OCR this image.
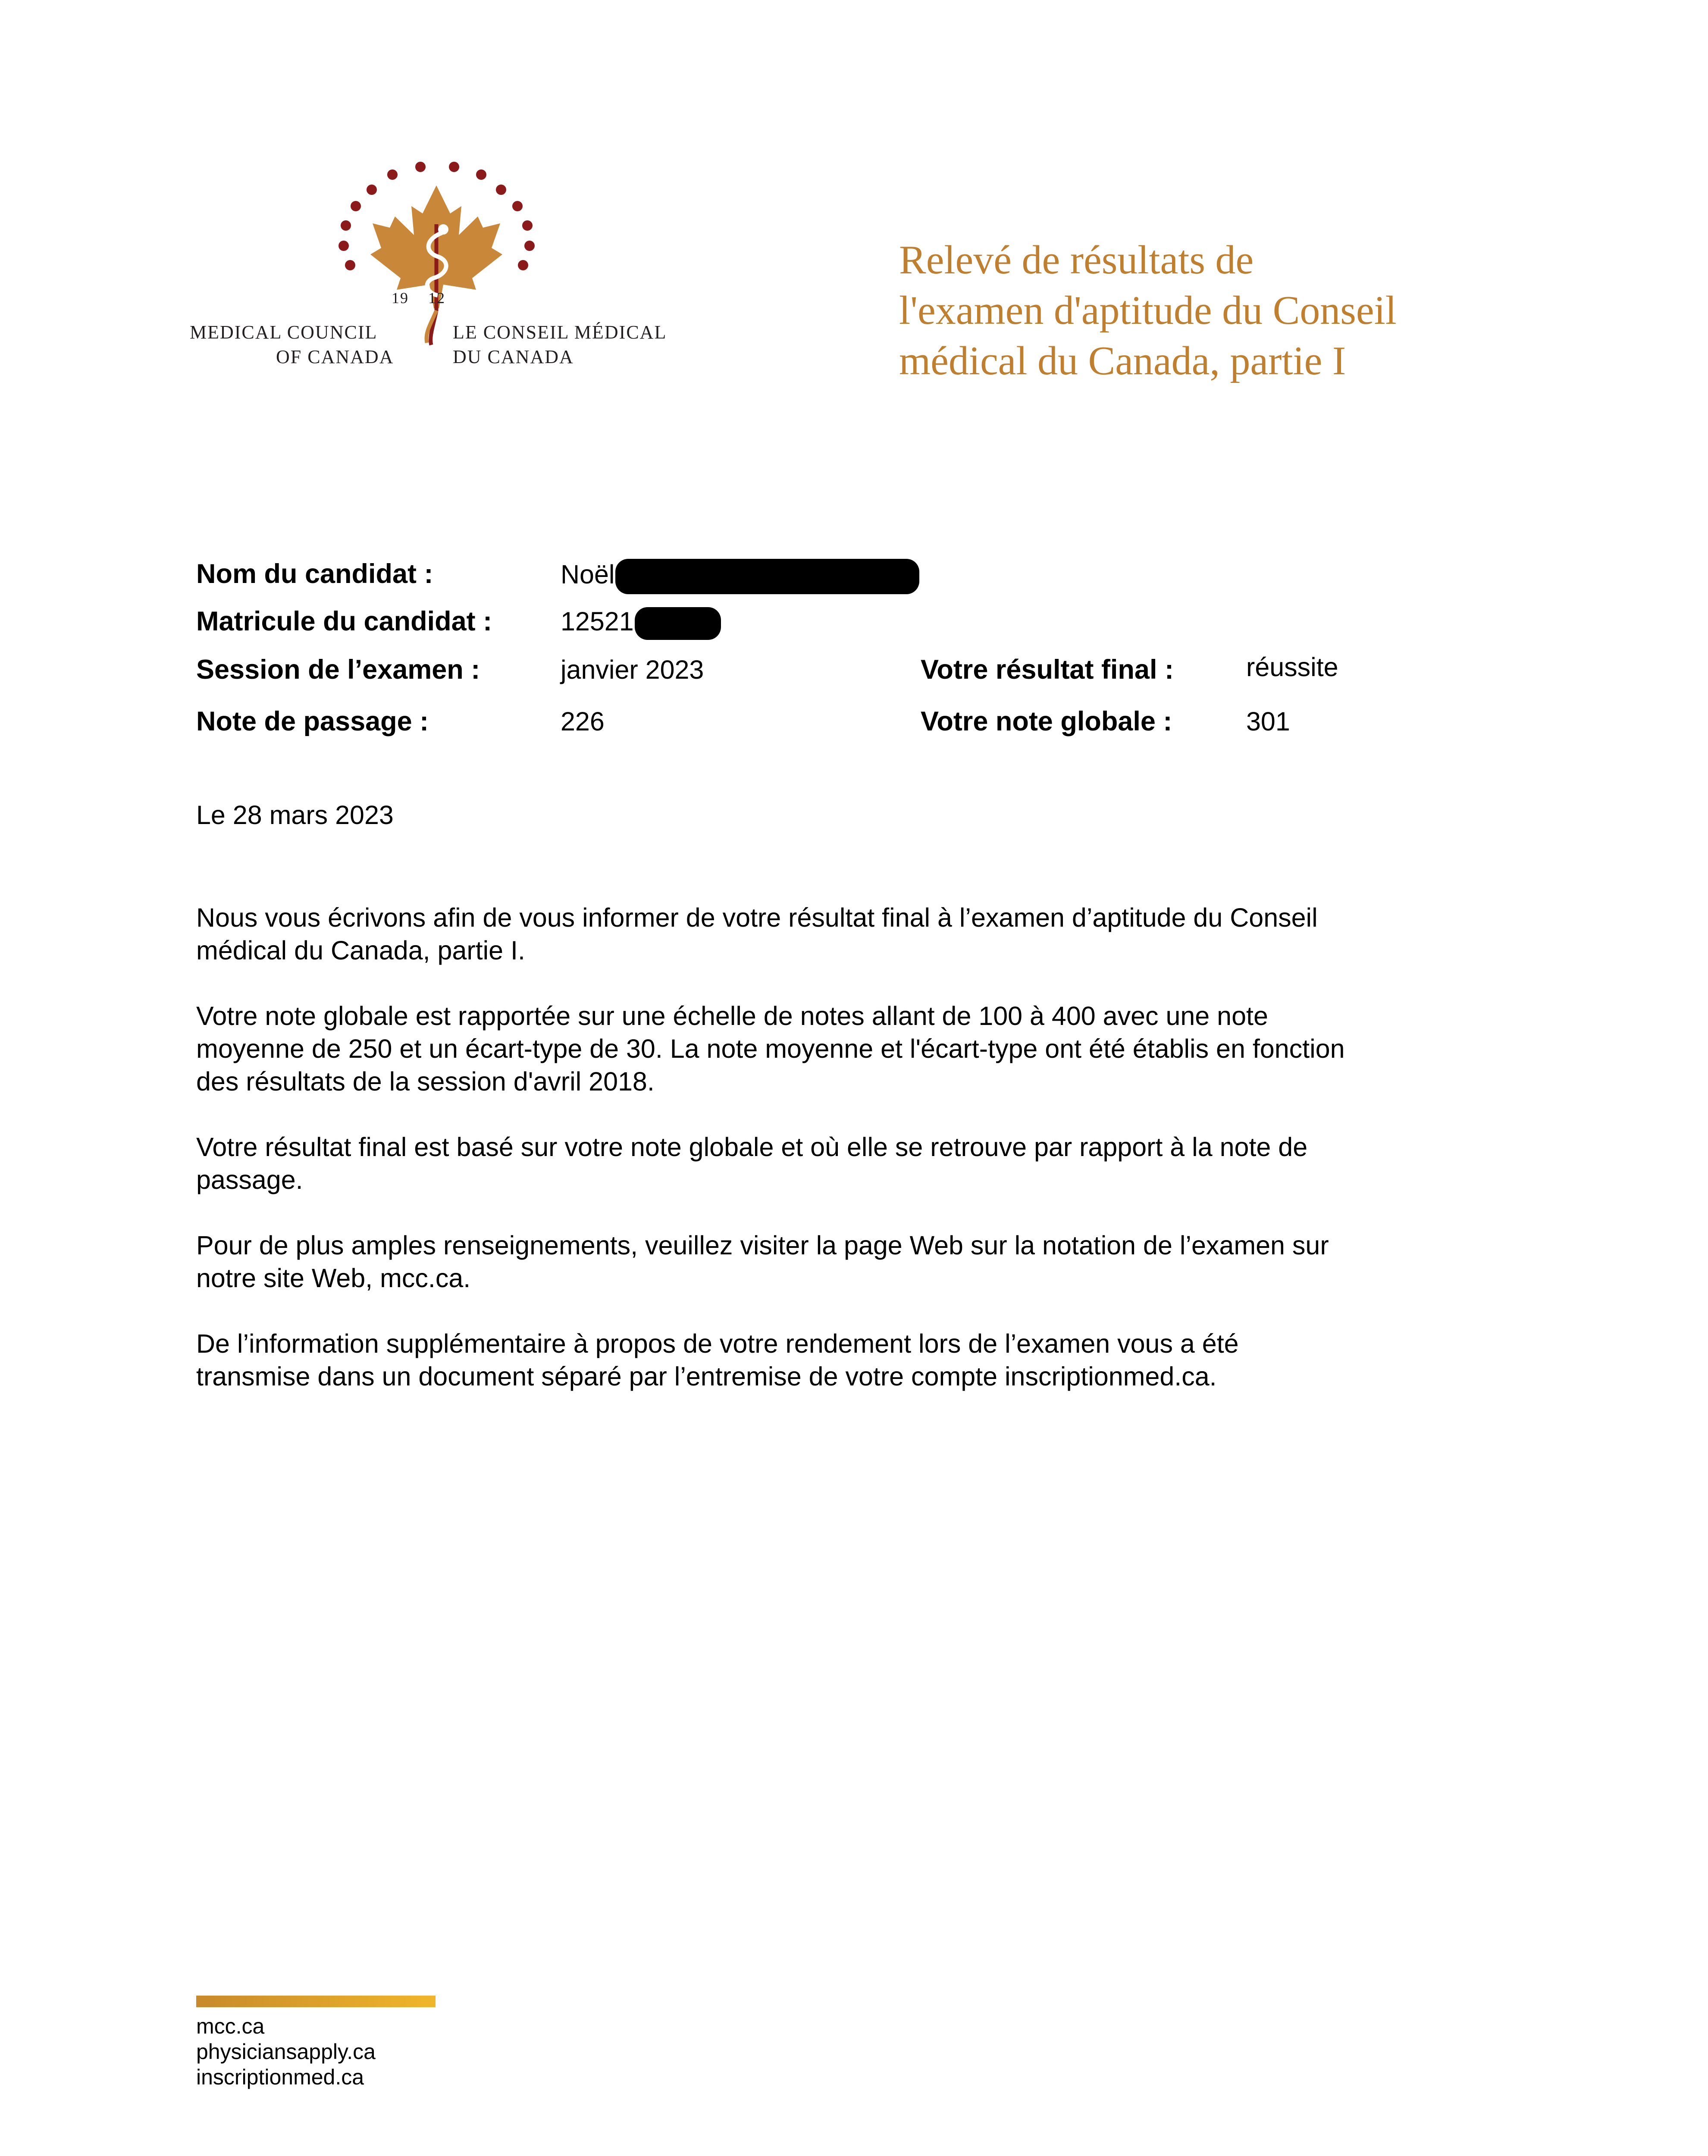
19 12
MEDICAL COUNCIL
OF CANADA
LE CONSEIL MÉDICAL
DU CANADA
Relevé de résultats de
l'examen d'aptitude du Conseil
médical du Canada, partie I
Nom du candidat :	Noël
Matricule du candidat :	12521
Session de l’examen :	janvier 2023	Votre résultat final :	réussite
Note de passage :	226	Votre note globale :	301
Le 28 mars 2023

Nous vous écrivons afin de vous informer de votre résultat final à l’examen d’aptitude du Conseil
médical du Canada, partie I.

Votre note globale est rapportée sur une échelle de notes allant de 100 à 400 avec une note
moyenne de 250 et un écart-type de 30. La note moyenne et l'écart-type ont été établis en fonction
des résultats de la session d'avril 2018.

Votre résultat final est basé sur votre note globale et où elle se retrouve par rapport à la note de
passage.

Pour de plus amples renseignements, veuillez visiter la page Web sur la notation de l’examen sur
notre site Web, mcc.ca.

De l’information supplémentaire à propos de votre rendement lors de l’examen vous a été
transmise dans un document séparé par l’entremise de votre compte inscriptionmed.ca.

mcc.ca
physiciansapply.ca
inscriptionmed.ca
